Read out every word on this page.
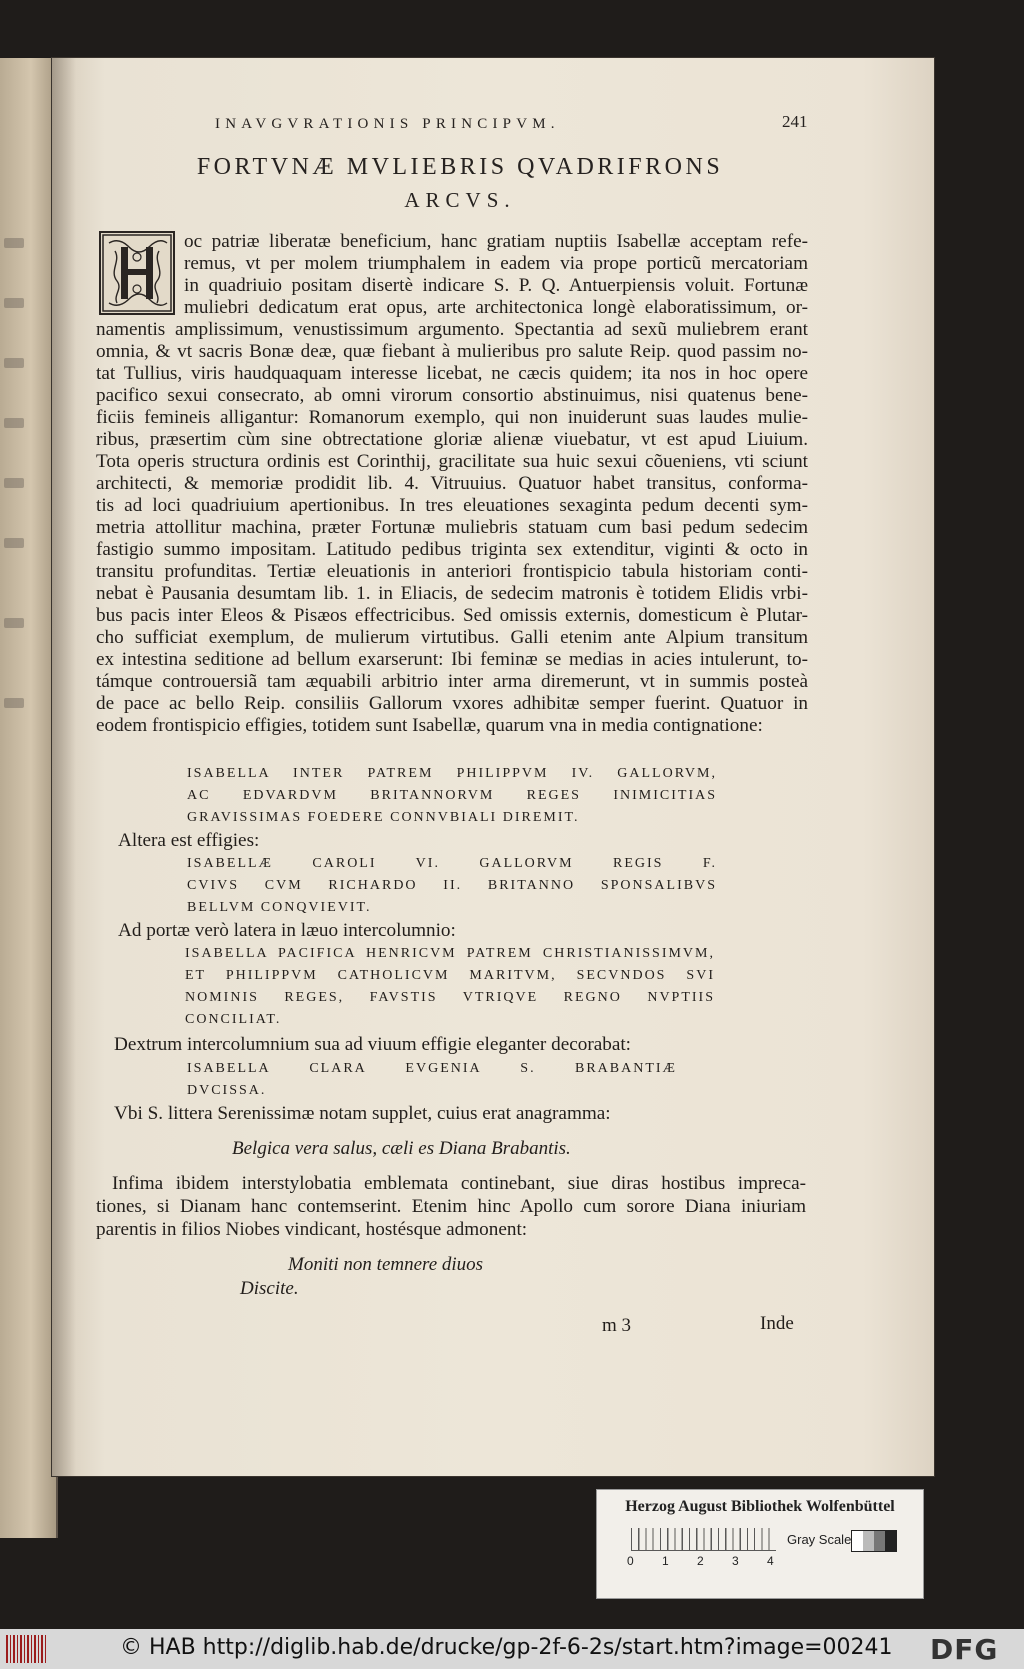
INAVGVRATIONIS PRINCIPVM.	241
FORTVNÆ MVLIEBRIS QVADRIFRONS
ARCVS.
oc patriæ liberatæ beneficium, hanc gratiam nuptiis Isabellæ acceptam refe-
remus, vt per molem triumphalem in eadem via prope porticũ mercatoriam
in quadriuio positam disertè indicare S. P. Q. Antuerpiensis voluit. Fortunæ
muliebri dedicatum erat opus, arte architectonica longè elaboratissimum, or-
namentis amplissimum, venustissimum argumento. Spectantia ad sexũ muliebrem erant
omnia, & vt sacris Bonæ deæ, quæ fiebant à mulieribus pro salute Reip. quod passim no-
tat Tullius, viris haudquaquam interesse licebat, ne cæcis quidem; ita nos in hoc opere
pacifico sexui consecrato, ab omni virorum consortio abstinuimus, nisi quatenus bene-
ficiis femineis alligantur: Romanorum exemplo, qui non inuiderunt suas laudes mulie-
ribus, præsertim cùm sine obtrectatione gloriæ alienæ viuebatur, vt est apud Liuium.
Tota operis structura ordinis est Corinthij, gracilitate sua huic sexui cõueniens, vti sciunt
architecti, & memoriæ prodidit lib. 4. Vitruuius. Quatuor habet transitus, conforma-
tis ad loci quadriuium apertionibus. In tres eleuationes sexaginta pedum decenti sym-
metria attollitur machina, præter Fortunæ muliebris statuam cum basi pedum sedecim
fastigio summo impositam. Latitudo pedibus triginta sex extenditur, viginti & octo in
transitu profunditas. Tertiæ eleuationis in anteriori frontispicio tabula historiam conti-
nebat è Pausania desumtam lib. 1. in Eliacis, de sedecim matronis è totidem Elidis vrbi-
bus pacis inter Eleos & Pisæos effectricibus. Sed omissis externis, domesticum è Plutar-
cho sufficiat exemplum, de mulierum virtutibus. Galli etenim ante Alpium transitum
ex intestina seditione ad bellum exarserunt: Ibi feminæ se medias in acies intulerunt, to-
támque controuersiã tam æquabili arbitrio inter arma diremerunt, vt in summis posteà
de pace ac bello Reip. consiliis Gallorum vxores adhibitæ semper fuerint. Quatuor in
eodem frontispicio effigies, totidem sunt Isabellæ, quarum vna in media contignatione:
ISABELLA INTER PATREM PHILIPPVM IV. GALLORVM,
AC EDVARDVM BRITANNORVM REGES INIMICITIAS
GRAVISSIMAS FOEDERE CONNVBIALI DIREMIT.
Altera est effigies:
ISABELLÆ CAROLI VI. GALLORVM REGIS F.
CVIVS CVM RICHARDO II. BRITANNO SPONSALIBVS
BELLVM CONQVIEVIT.
Ad portæ verò latera in læuo intercolumnio:
ISABELLA PACIFICA HENRICVM PATREM CHRISTIANISSIMVM,
ET PHILIPPVM CATHOLICVM MARITVM, SECVNDOS SVI
NOMINIS REGES, FAVSTIS VTRIQVE REGNO NVPTIIS
CONCILIAT.
Dextrum intercolumnium sua ad viuum effigie eleganter decorabat:
ISABELLA CLARA EVGENIA S. BRABANTIÆ
DVCISSA.
Vbi S. littera Serenissimæ notam supplet, cuius erat anagramma:
Belgica vera salus, cæli es Diana Brabantis.
Infima ibidem interstylobatia emblemata continebant, siue diras hostibus impreca-
tiones, si Dianam hanc contemserint. Etenim hinc Apollo cum sorore Diana iniuriam
parentis in filios Niobes vindicant, hostésque admonent:
Moniti non temnere diuos
Discite.
m 3	Inde
Herzog August Bibliothek Wolfenbüttel
0 1 2 3 4
Gray Scale
© HAB http://diglib.hab.de/drucke/gp-2f-6-2s/start.htm?image=00241 DFG
